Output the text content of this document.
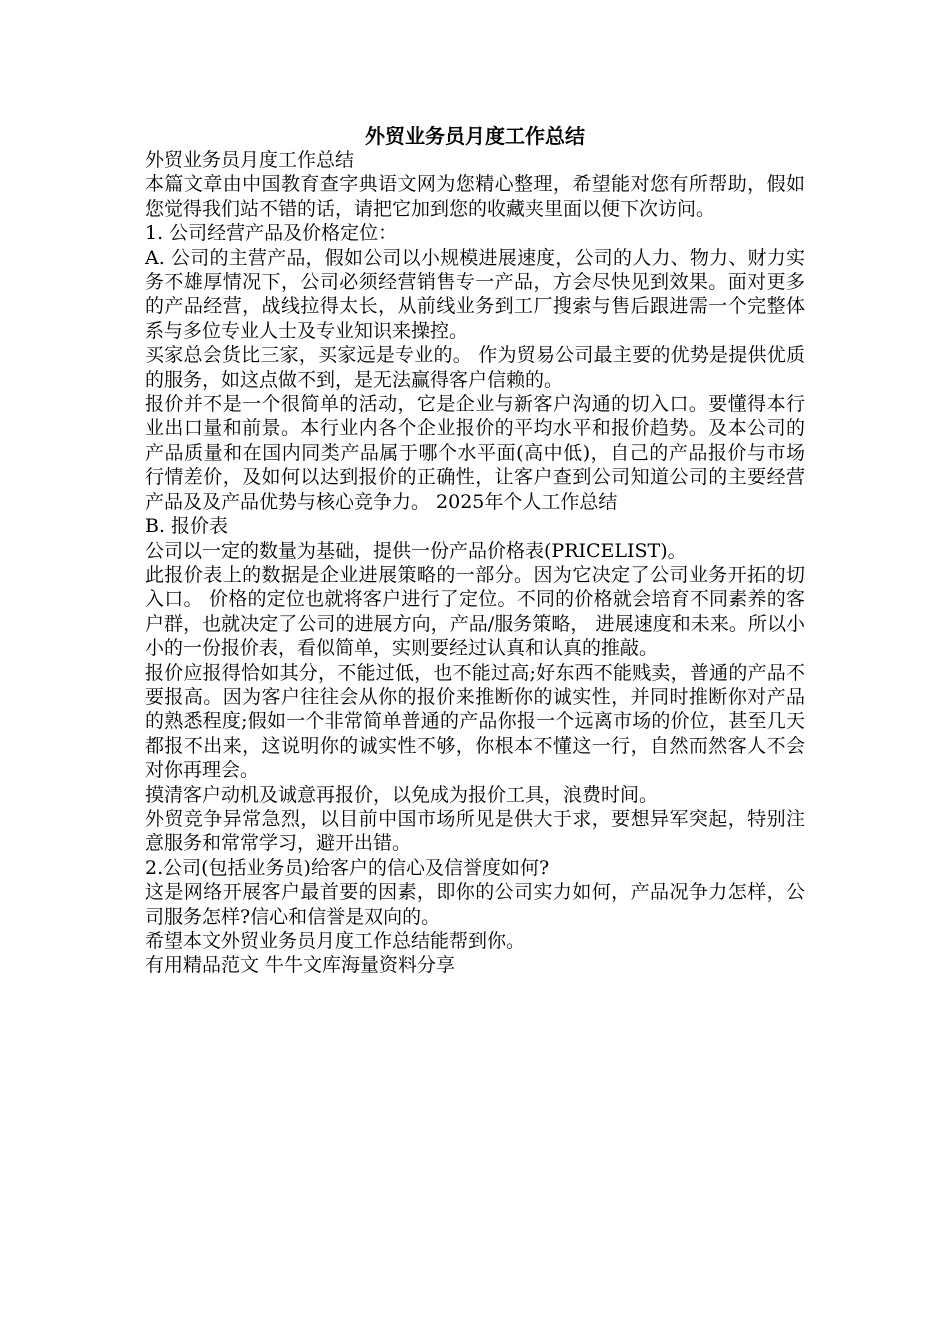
外贸业务员月度工作总结

外贸业务员月度工作总结

本篇文章由中国教育查字典语文网为您精心整理，希望能对您有所帮助，假如您觉得我们站不错的话，请把它加到您的收藏夹里面以便下次访问。

1. 公司经营产品及价格定位：

A. 公司的主营产品，假如公司以小规模进展速度，公司的人力、物力、财力实务不雄厚情况下，公司必须经营销售专一产品，方会尽快见到效果。面对更多的产品经营，战线拉得太长，从前线业务到工厂搜索与售后跟进需一个完整体系与多位专业人士及专业知识来操控。

买家总会货比三家，买家远是专业的。 作为贸易公司最主要的优势是提供优质的服务，如这点做不到，是无法赢得客户信赖的。

报价并不是一个很简单的活动，它是企业与新客户沟通的切入口。要懂得本行业出口量和前景。本行业内各个企业报价的平均水平和报价趋势。及本公司的产品质量和在国内同类产品属于哪个水平面(高中低)，自己的产品报价与市场行情差价，及如何以达到报价的正确性，让客户查到公司知道公司的主要经营产品及及产品优势与核心竞争力。 2025年个人工作总结

B. 报价表

公司以一定的数量为基础，提供一份产品价格表(PRICELIST)。

此报价表上的数据是企业进展策略的一部分。因为它决定了公司业务开拓的切入口。 价格的定位也就将客户进行了定位。不同的价格就会培育不同素养的客户群，也就决定了公司的进展方向，产品/服务策略， 进展速度和未来。所以小小的一份报价表，看似简单，实则要经过认真和认真的推敲。

报价应报得恰如其分，不能过低，也不能过高;好东西不能贱卖，普通的产品不要报高。因为客户往往会从你的报价来推断你的诚实性，并同时推断你对产品的熟悉程度;假如一个非常简单普通的产品你报一个远离市场的价位，甚至几天都报不出来，这说明你的诚实性不够，你根本不懂这一行，自然而然客人不会对你再理会。

摸清客户动机及诚意再报价，以免成为报价工具，浪费时间。

外贸竞争异常急烈，以目前中国市场所见是供大于求，要想异军突起，特别注意服务和常常学习，避开出错。

2.公司(包括业务员)给客户的信心及信誉度如何?

这是网络开展客户最首要的因素，即你的公司实力如何，产品况争力怎样，公司服务怎样?信心和信誉是双向的。

希望本文外贸业务员月度工作总结能帮到你。

有用精品范文 牛牛文库海量资料分享
